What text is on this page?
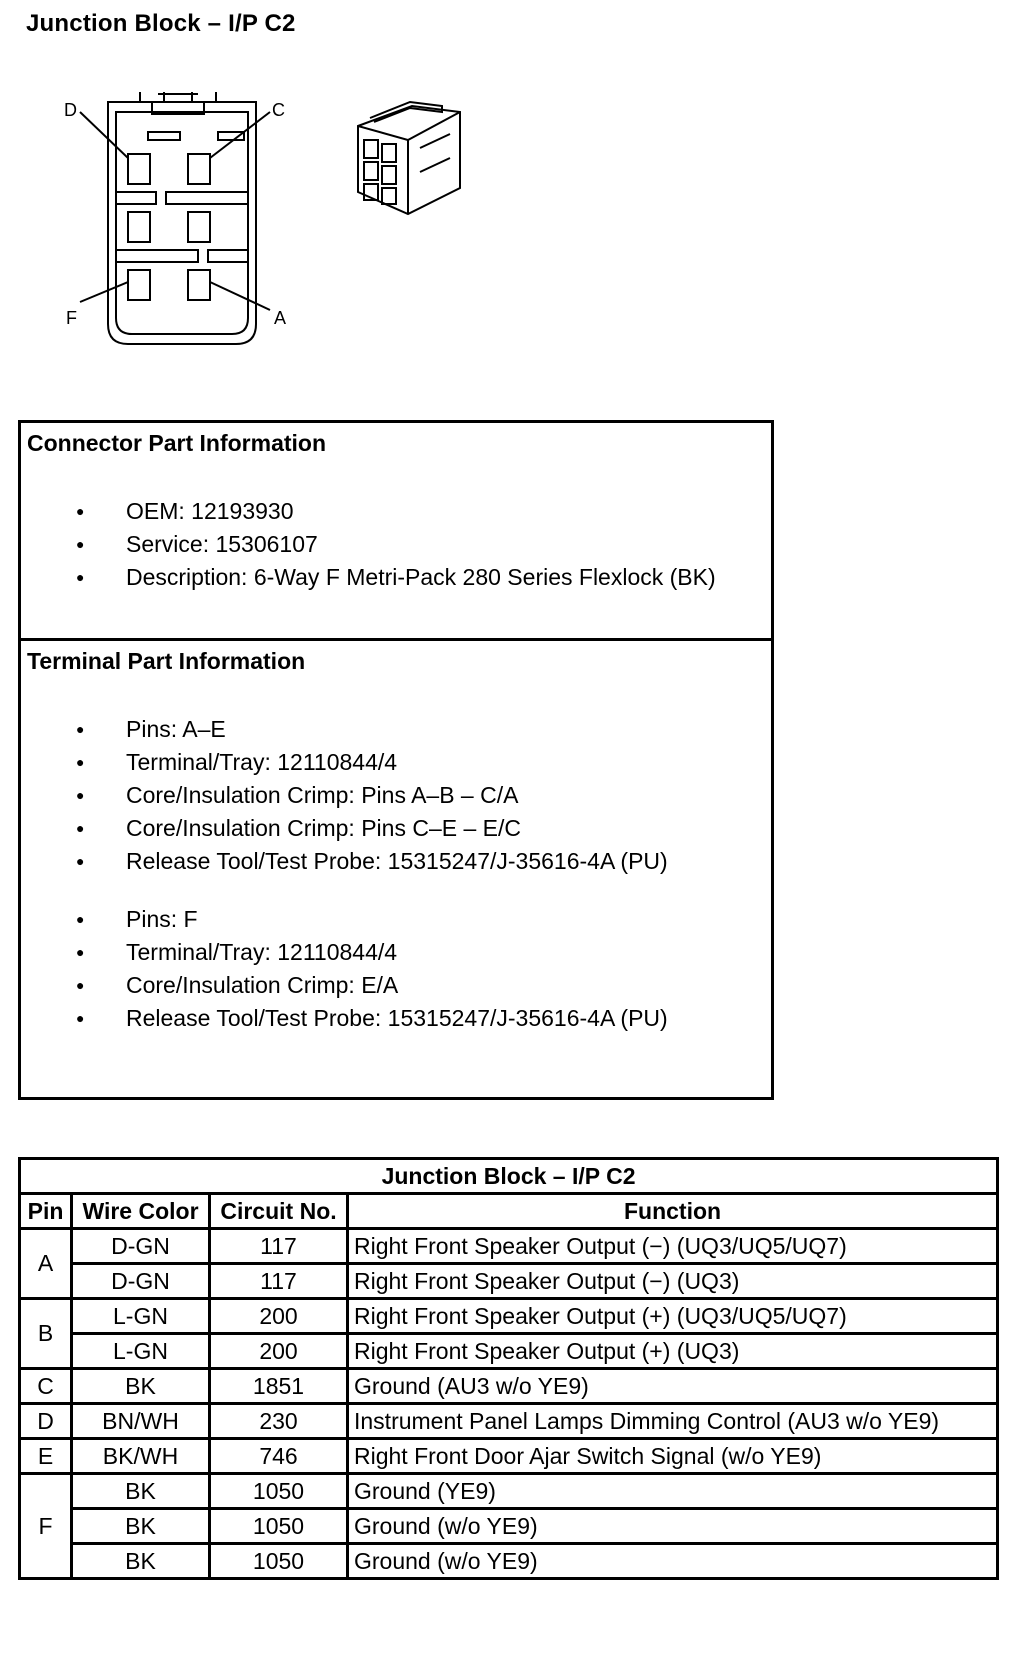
Junction Block – I/P C2
D	C
F	A
Connector Part Information
● OEM: 12193930
● Service: 15306107
● Description: 6-Way F Metri-Pack 280 Series Flexlock (BK)
Terminal Part Information
● Pins: A–E
● Terminal/Tray: 12110844/4
● Core/Insulation Crimp: Pins A–B – C/A
● Core/Insulation Crimp: Pins C–E – E/C
● Release Tool/Test Probe: 15315247/J-35616-4A (PU)
● Pins: F
● Terminal/Tray: 12110844/4
● Core/Insulation Crimp: E/A
● Release Tool/Test Probe: 15315247/J-35616-4A (PU)
Junction Block – I/P C2			
Pin	Wire Color	Circuit No.	Function
A	D-GN	117	Right Front Speaker Output (−) (UQ3/UQ5/UQ7)
	D-GN	117	Right Front Speaker Output (−) (UQ3)
B	L-GN	200	Right Front Speaker Output (+) (UQ3/UQ5/UQ7)
	L-GN	200	Right Front Speaker Output (+) (UQ3)
C	BK	1851	Ground (AU3 w/o YE9)
D	BN/WH	230	Instrument Panel Lamps Dimming Control (AU3 w/o YE9)
E	BK/WH	746	Right Front Door Ajar Switch Signal (w/o YE9)
F	BK	1050	Ground (YE9)
	BK	1050	Ground (w/o YE9)
	BK	1050	Ground (w/o YE9)
